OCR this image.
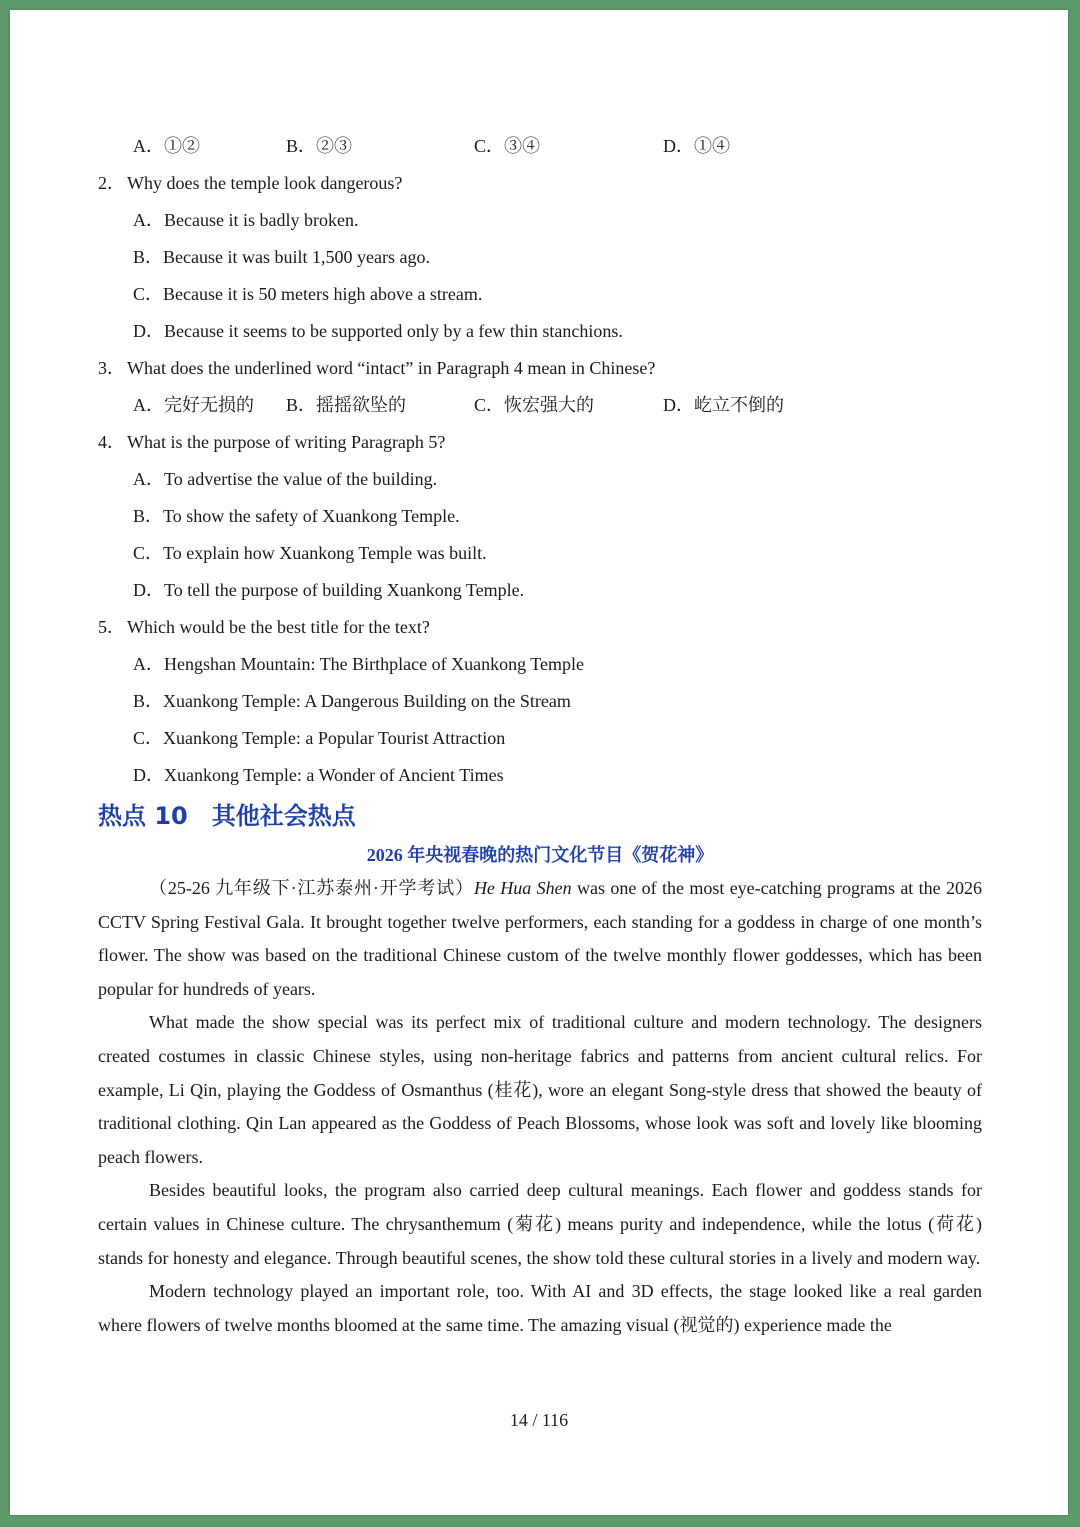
A．①②	B．②③	C．③④	D．①④
2． Why does the temple look dangerous?
A．Because it is badly broken.
B．Because it was built 1,500 years ago.
C．Because it is 50 meters high above a stream.
D．Because it seems to be supported only by a few thin stanchions.
3． What does the underlined word “intact” in Paragraph 4 mean in Chinese?
A．完好无损的	B．摇摇欲坠的	C．恢宏强大的	D．屹立不倒的
4． What is the purpose of writing Paragraph 5?
A．To advertise the value of the building.
B．To show the safety of Xuankong Temple.
C．To explain how Xuankong Temple was built.
D．To tell the purpose of building Xuankong Temple.
5． Which would be the best title for the text?
A．Hengshan Mountain: The Birthplace of Xuankong Temple
B．Xuankong Temple: A Dangerous Building on the Stream
C．Xuankong Temple: a Popular Tourist Attraction
D．Xuankong Temple: a Wonder of Ancient Times
热点 10 其他社会热点
2026 年央视春晚的热门文化节目《贺花神》

（25-26 九年级下·江苏泰州·开学考试）He Hua Shen was one of the most eye-catching programs at the 2026 CCTV Spring Festival Gala. It brought together twelve performers, each standing for a goddess in charge of one month’s flower. The show was based on the traditional Chinese custom of the twelve monthly flower goddesses, which has been popular for hundreds of years.

What made the show special was its perfect mix of traditional culture and modern technology. The designers created costumes in classic Chinese styles, using non-heritage fabrics and patterns from ancient cultural relics. For example, Li Qin, playing the Goddess of Osmanthus (桂花), wore an elegant Song-style dress that showed the beauty of traditional clothing. Qin Lan appeared as the Goddess of Peach Blossoms, whose look was soft and lovely like blooming peach flowers.

Besides beautiful looks, the program also carried deep cultural meanings. Each flower and goddess stands for certain values in Chinese culture. The chrysanthemum (菊花) means purity and independence, while the lotus (荷花) stands for honesty and elegance. Through beautiful scenes, the show told these cultural stories in a lively and modern way.

Modern technology played an important role, too. With AI and 3D effects, the stage looked like a real garden where flowers of twelve months bloomed at the same time. The amazing visual (视觉的) experience made the

14 / 116
